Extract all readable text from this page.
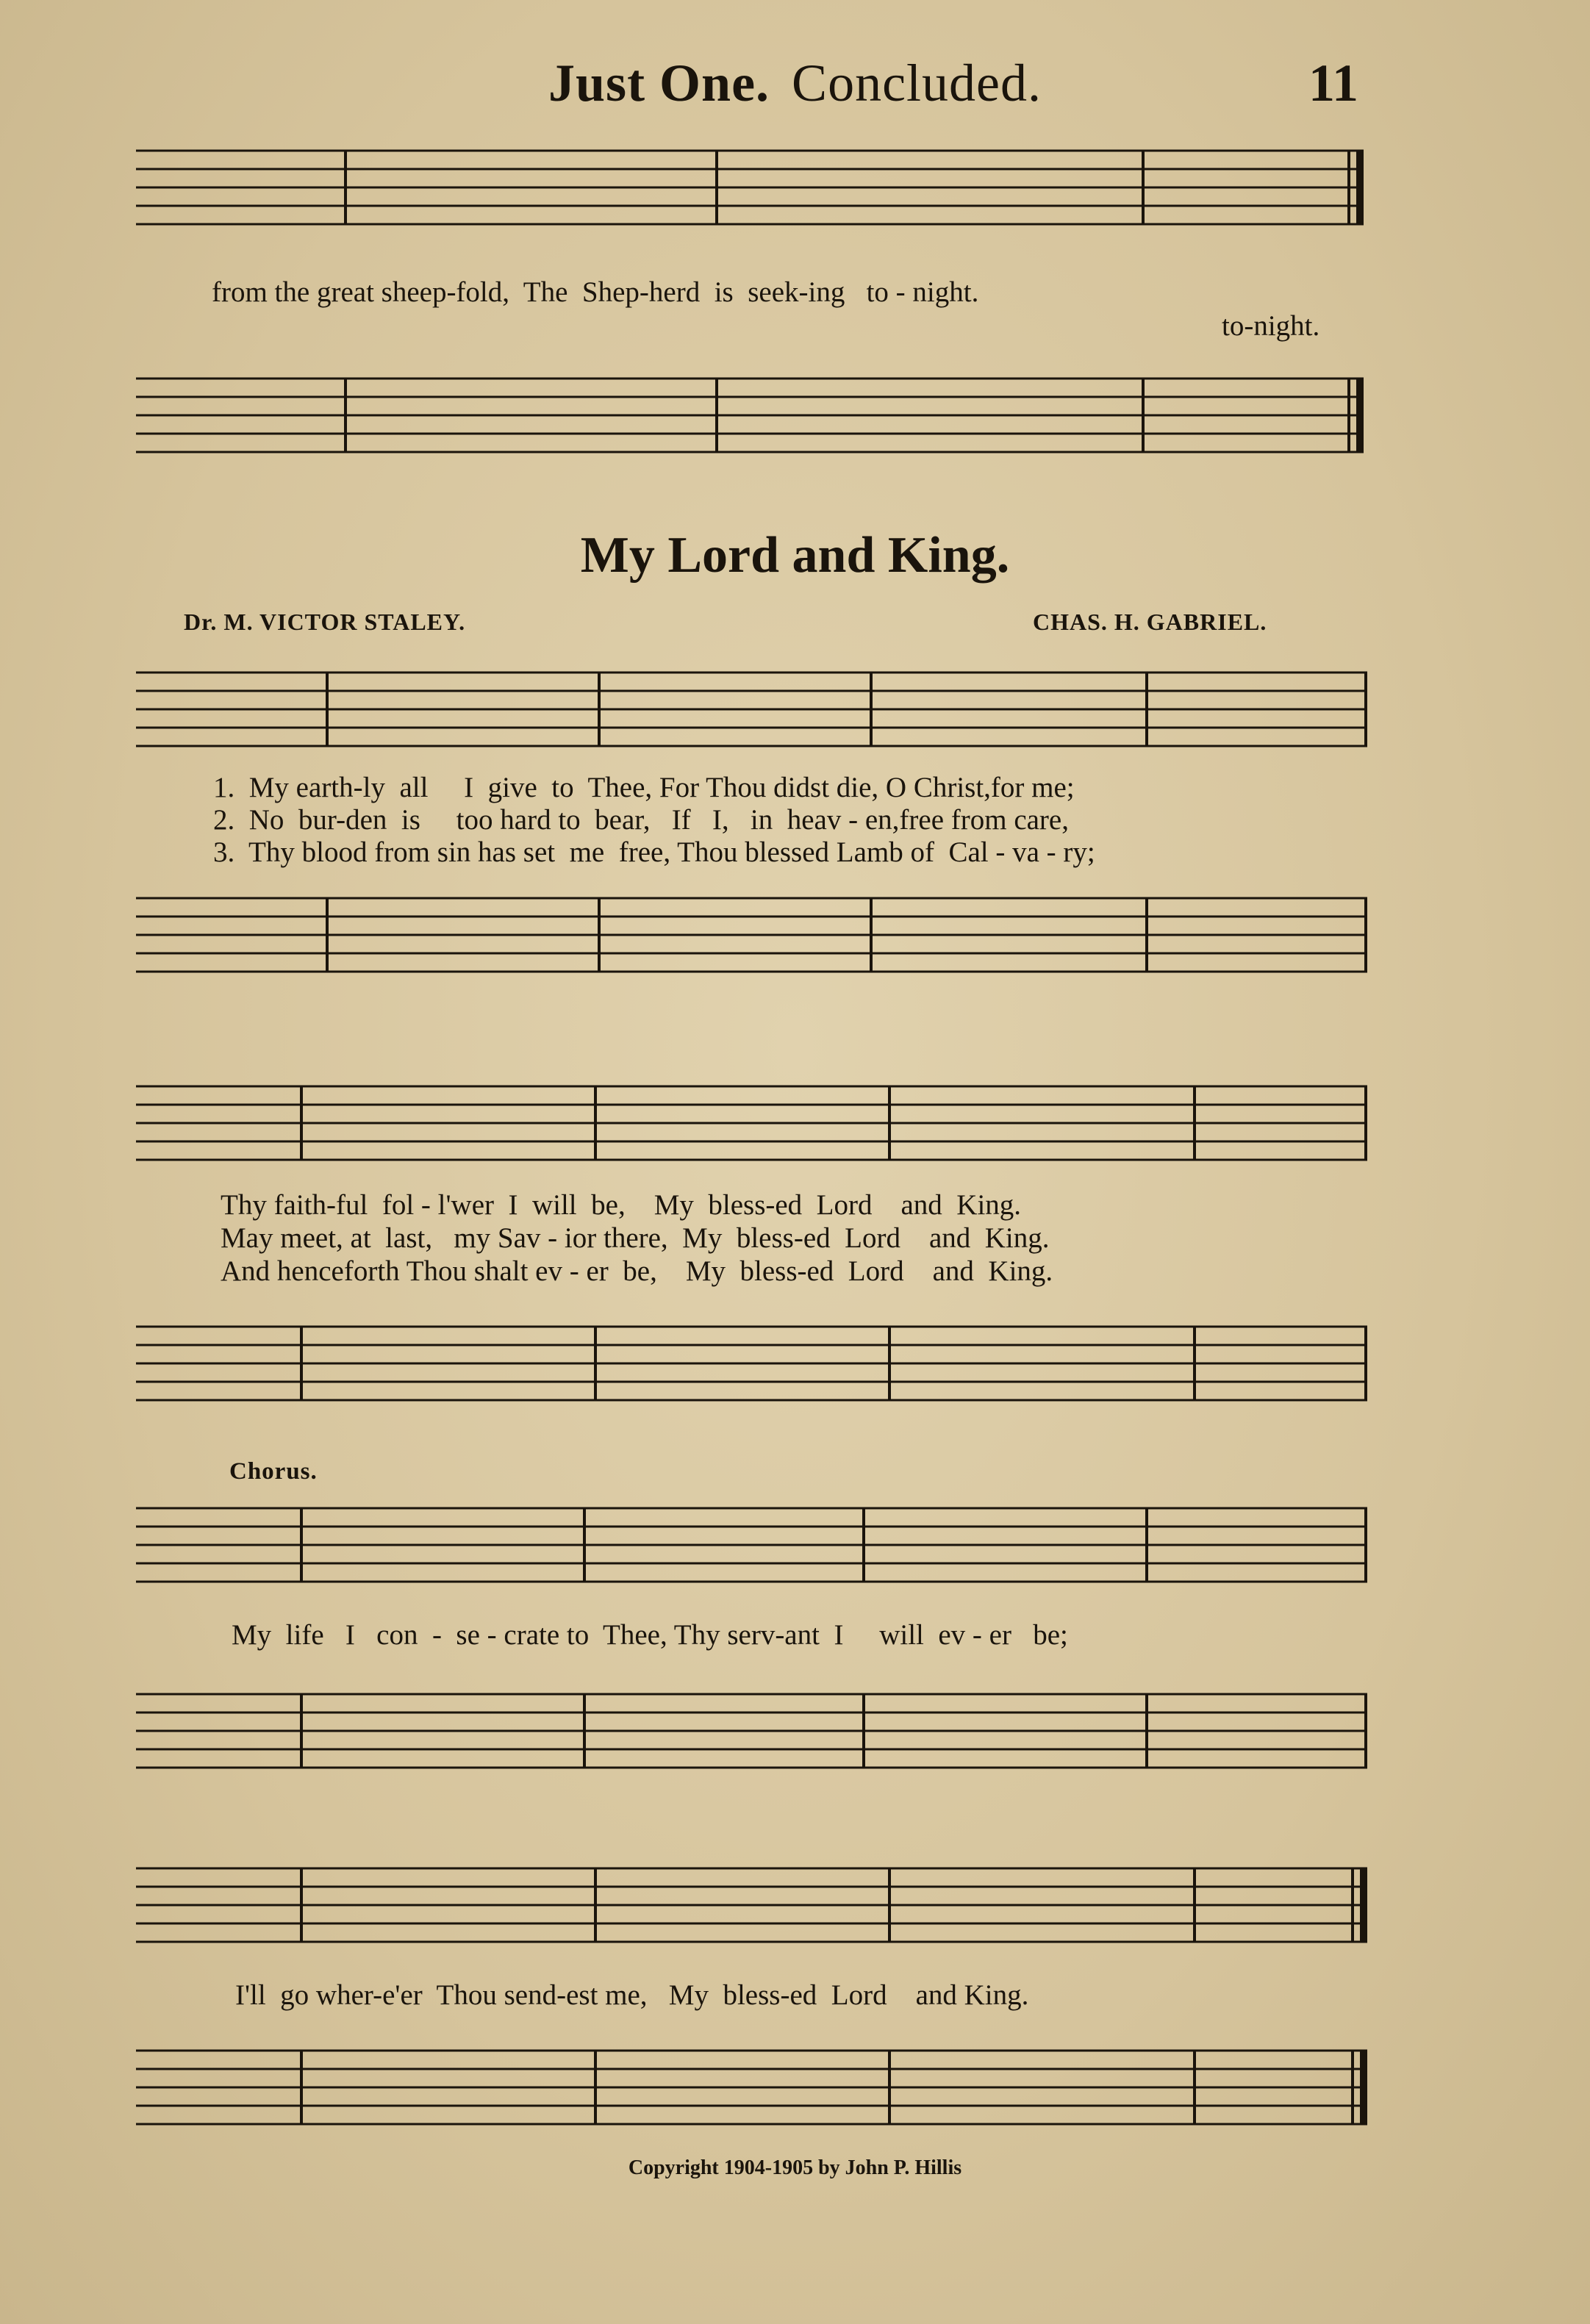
Just One. Concluded.	11
from the great sheep-fold,  The  Shep-herd  is  seek-ing   to - night.
to-night.
My Lord and King.
Dr. M. VICTOR STALEY.	CHAS. H. GABRIEL.
1.  My earth-ly  all     I  give  to  Thee, For Thou didst die, O Christ,for me;
2.  No  bur-den  is     too hard to  bear,   If   I,   in  heav - en,free from care,
3.  Thy blood from sin has set  me  free, Thou blessed Lamb of  Cal - va - ry;
Thy faith-ful  fol - l'wer  I  will  be,    My  bless-ed  Lord    and  King.
May meet, at  last,   my Sav - ior there,  My  bless-ed  Lord    and  King.
And henceforth Thou shalt ev - er  be,    My  bless-ed  Lord    and  King.
Chorus.
My  life   I   con  -  se - crate to  Thee, Thy serv-ant  I     will  ev - er   be;
I'll  go wher-e'er  Thou send-est me,   My  bless-ed  Lord    and King.
Copyright 1904-1905 by John P. Hillis
